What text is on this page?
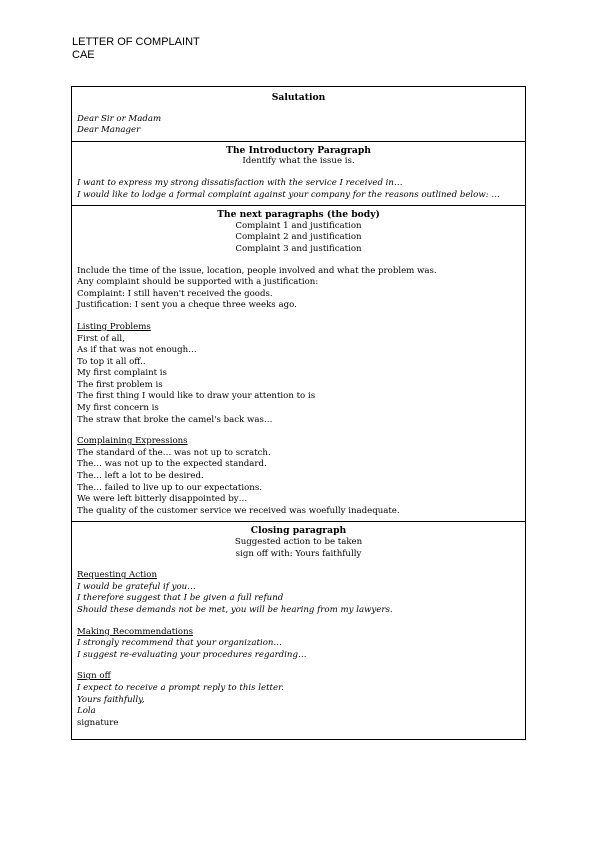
LETTER OF COMPLAINT
CAE
Salutation
Dear Sir or Madam
Dear Manager
The Introductory Paragraph
Identify what the issue is.
I want to express my strong dissatisfaction with the service I received in…
I would like to lodge a formal complaint against your company for the reasons outlined below: …
The next paragraphs (the body)
Complaint 1 and justification
Complaint 2 and justification
Complaint 3 and justification
Include the time of the issue, location, people involved and what the problem was.
Any complaint should be supported with a justification:
Complaint: I still haven't received the goods.
Justification: I sent you a cheque three weeks ago.
Listing Problems
First of all,
As if that was not enough…
To top it all off..
My first complaint is
The first problem is
The first thing I would like to draw your attention to is
My first concern is
The straw that broke the camel's back was…
Complaining Expressions
The standard of the… was not up to scratch.
The… was not up to the expected standard.
The… left a lot to be desired.
The… failed to live up to our expectations.
We were left bitterly disappointed by…
The quality of the customer service we received was woefully inadequate.
Closing paragraph
Suggested action to be taken
sign off with: Yours faithfully
Requesting Action
I would be grateful if you…
I therefore suggest that I be given a full refund
Should these demands not be met, you will be hearing from my lawyers.
Making Recommendations
I strongly recommend that your organization…
I suggest re-evaluating your procedures regarding…
Sign off
I expect to receive a prompt reply to this letter.
Yours faithfully,
Lola
signature
